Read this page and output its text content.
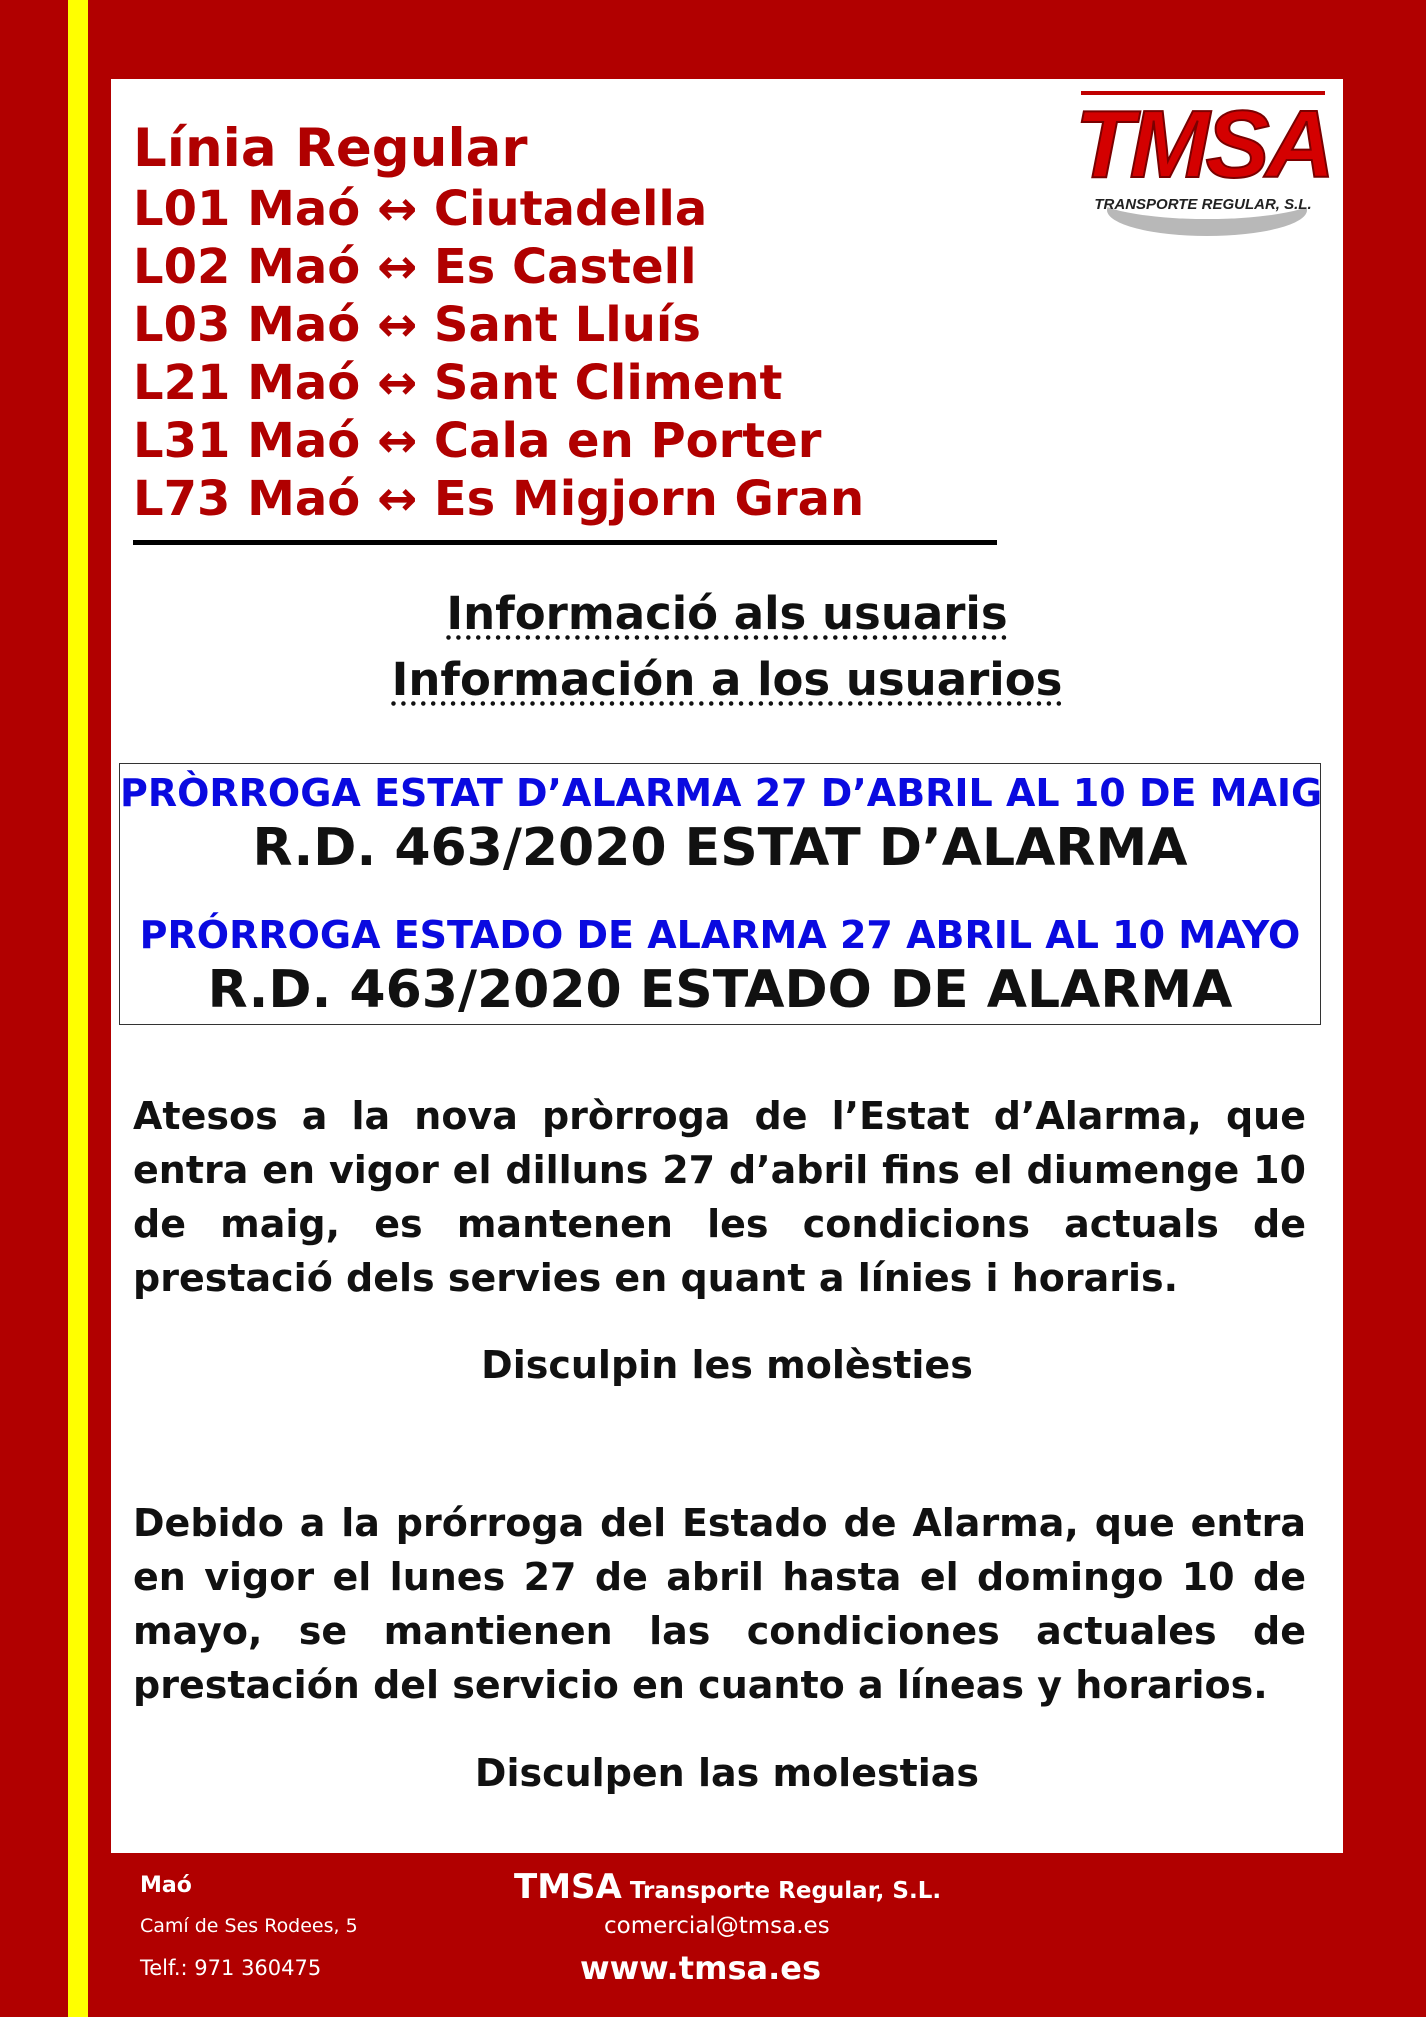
Línia Regular

L01 Maó ↔ Ciutadella

L02 Maó ↔ Es Castell

L03 Maó ↔ Sant Lluís

L21 Maó ↔ Sant Climent

L31 Maó ↔ Cala en Porter

L73 Maó ↔ Es Migjorn Gran

TMSA
TRANSPORTE REGULAR, S.L.
Informació als usuaris
Información a los usuarios

PRÒRROGA ESTAT D’ALARMA 27 D’ABRIL AL 10 DE MAIG

R.D. 463/2020 ESTAT D’ALARMA

PRÓRROGA ESTADO DE ALARMA 27 ABRIL AL 10 MAYO

R.D. 463/2020 ESTADO DE ALARMA

Atesos a la nova pròrroga de l’Estat d’Alarma, que entra en vigor el dilluns 27 d’abril fins el diumenge 10 de maig, es mantenen les condicions actuals de prestació dels servies en quant a línies i horaris.

Disculpin les molèsties

Debido a la prórroga del Estado de Alarma, que entra en vigor el lunes 27 de abril hasta el domingo 10 de mayo, se mantienen las condiciones actuales de prestación del servicio en cuanto a líneas y horarios.

Disculpen las molestias

Maó
Camí de Ses Rodees, 5
Telf.: 971 360475
TMSA Transporte Regular, S.L.
comercial@tmsa.es
www.tmsa.es
